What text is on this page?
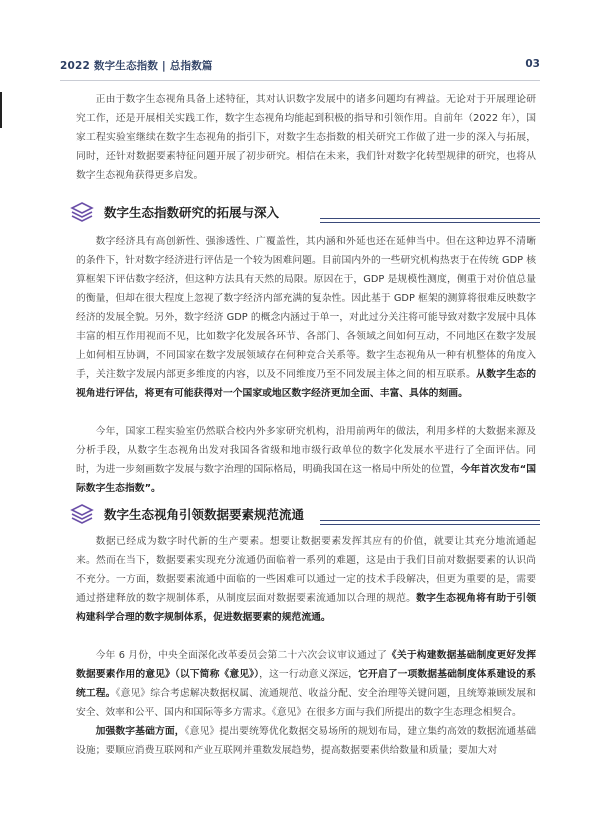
2022 数字生态指数 | 总指数篇	03

正由于数字生态视角具备上述特征，其对认识数字发展中的诸多问题均有裨益。无论对于开展理论研究工作，还是开展相关实践工作，数字生态视角均能起到积极的指导和引领作用。自前年（2022 年），国家工程实验室继续在数字生态视角的指引下，对数字生态指数的相关研究工作做了进一步的深入与拓展，同时，还针对数据要素特征问题开展了初步研究。相信在未来，我们针对数字化转型规律的研究，也将从数字生态视角获得更多启发。

数字生态指数研究的拓展与深入

数字经济具有高创新性、强渗透性、广覆盖性，其内涵和外延也还在延伸当中。但在这种边界不清晰的条件下，针对数字经济进行评估是一个较为困难问题。目前国内外的一些研究机构热衷于在传统 GDP 核算框架下评估数字经济，但这种方法具有天然的局限。原因在于，GDP 是规模性测度，侧重于对价值总量的衡量，但却在很大程度上忽视了数字经济内部充满的复杂性。因此基于 GDP 框架的测算将很难反映数字经济的发展全貌。另外，数字经济 GDP 的概念内涵过于单一，对此过分关注将可能导致对数字发展中具体丰富的相互作用视而不见，比如数字化发展各环节、各部门、各领域之间如何互动，不同地区在数字发展上如何相互协调，不同国家在数字发展领域存在何种竞合关系等。数字生态视角从一种有机整体的角度入手，关注数字发展内部更多维度的内容，以及不同维度乃至不同发展主体之间的相互联系。从数字生态的视角进行评估，将更有可能获得对一个国家或地区数字经济更加全面、丰富、具体的刻画。

今年，国家工程实验室仍然联合校内外多家研究机构，沿用前两年的做法，利用多样的大数据来源及分析手段，从数字生态视角出发对我国各省级和地市级行政单位的数字化发展水平进行了全面评估。同时，为进一步刻画数字发展与数字治理的国际格局，明确我国在这一格局中所处的位置，今年首次发布“国际数字生态指数”。

数字生态视角引领数据要素规范流通

数据已经成为数字时代新的生产要素。想要让数据要素发挥其应有的价值，就要让其充分地流通起来。然而在当下，数据要素实现充分流通仍面临着一系列的难题，这是由于我们目前对数据要素的认识尚不充分。一方面，数据要素流通中面临的一些困难可以通过一定的技术手段解决，但更为重要的是，需要通过搭建释放的数字规制体系，从制度层面对数据要素流通加以合理的规范。数字生态视角将有助于引领构建科学合理的数字规制体系，促进数据要素的规范流通。

今年 6 月份，中央全面深化改革委员会第二十六次会议审议通过了《关于构建数据基础制度更好发挥数据要素作用的意见》（以下简称《意见》），这一行动意义深远，它开启了一项数据基础制度体系建设的系统工程。《意见》综合考虑解决数据权属、流通规范、收益分配、安全治理等关键问题，且统筹兼顾发展和安全、效率和公平、国内和国际等多方需求。《意见》在很多方面与我们所提出的数字生态理念相契合。

加强数字基础方面，《意见》提出要统筹优化数据交易场所的规划布局，建立集约高效的数据流通基础设施；要顺应消费互联网和产业互联网并重数发展趋势，提高数据要素供给数量和质量；要加大对
